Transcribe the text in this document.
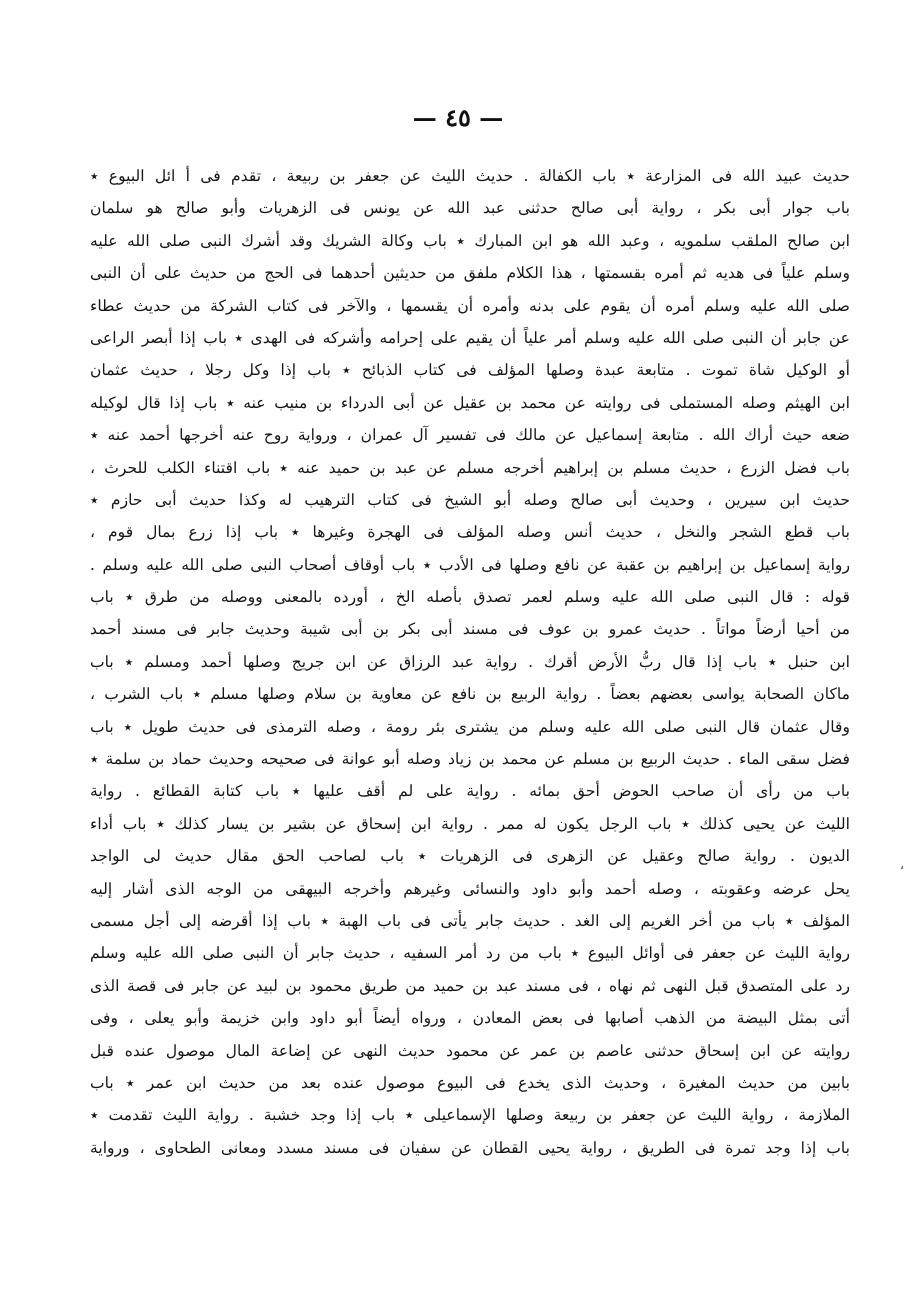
— ٤٥ —
،
حديث عبيد الله فى المزارعة ٭ باب الكفالة . حديث الليث عن جعفر بن ربيعة ، تقدم فى أ ائل البيوع ٭
باب جوار أبى بكر ، رواية أبى صالح حدثنى عبد الله عن يونس فى الزهريات وأبو صالح هو سلمان
ابن صالح الملقب سلمويه ، وعبد الله هو ابن المبارك ٭ باب وكالة الشريك وقد أشرك النبى صلى الله عليه
وسلم علياً فى هديه ثم أمره بقسمتها ، هذا الكلام ملفق من حديثين أحدهما فى الحج من حديث على أن النبى
صلى الله عليه وسلم أمره أن يقوم على بدنه وأمره أن يقسمها ، والآخر فى كتاب الشركة من حديث عطاء
عن جابر أن النبى صلى الله عليه وسلم أمر علياً أن يقيم على إحرامه وأشركه فى الهدى ٭ باب إذا أبصر الراعى
أو الوكيل شاة تموت . متابعة عبدة وصلها المؤلف فى كتاب الذبائح ٭ باب إذا وكل رجلا ، حديث عثمان
ابن الهيثم وصله المستملى فى روايته عن محمد بن عقيل عن أبى الدرداء بن منيب عنه ٭ باب إذا قال لوكيله
ضعه حيث أراك الله . متابعة إسماعيل عن مالك فى تفسير آل عمران ، ورواية روح عنه أخرجها أحمد عنه ٭
باب فضل الزرع ، حديث مسلم بن إبراهيم أخرجه مسلم عن عبد بن حميد عنه ٭ باب اقتناء الكلب للحرث ،
حديث ابن سيرين ، وحديث أبى صالح وصله أبو الشيخ فى كتاب الترهيب له وكذا حديث أبى حازم ٭
باب قطع الشجر والنخل ، حديث أنس وصله المؤلف فى الهجرة وغيرها ٭ باب إذا زرع بمال قوم ،
رواية إسماعيل بن إبراهيم بن عقبة عن نافع وصلها فى الأدب ٭ باب أوقاف أصحاب النبى صلى الله عليه وسلم .
قوله : قال النبى صلى الله عليه وسلم لعمر تصدق بأصله الخ ، أورده بالمعنى ووصله من طرق ٭ باب
من أحيا أرضاً مواتاً . حديث عمرو بن عوف فى مسند أبى بكر بن أبى شيبة وحديث جابر فى مسند أحمد
ابن حنبل ٭ باب إذا قال ربُّ الأرض أقرك . رواية عبد الرزاق عن ابن جريج وصلها أحمد ومسلم ٭ باب
ماكان الصحابة يواسى بعضهم بعضاً . رواية الربيع بن نافع عن معاوية بن سلام وصلها مسلم ٭ باب الشرب ،
وقال عثمان قال النبى صلى الله عليه وسلم من يشترى بئر رومة ، وصله الترمذى فى حديث طويل ٭ باب
فضل سقى الماء . حديث الربيع بن مسلم عن محمد بن زياد وصله أبو عوانة فى صحيحه وحديث حماد بن سلمة ٭
باب من رأى أن صاحب الحوض أحق بمائه . رواية على لم أقف عليها ٭ باب كتابة القطائع . رواية
الليث عن يحيى كذلك ٭ باب الرجل يكون له ممر . رواية ابن إسحاق عن بشير بن يسار كذلك ٭ باب أداء
الديون . رواية صالح وعقيل عن الزهرى فى الزهريات ٭ باب لصاحب الحق مقال حديث لى الواجد
يحل عرضه وعقوبته ، وصله أحمد وأبو داود والنسائى وغيرهم وأخرجه البيهقى من الوجه الذى أشار إليه
المؤلف ٭ باب من أخر الغريم إلى الغد . حديث جابر يأتى فى باب الهبة ٭ باب إذا أقرضه إلى أجل مسمى
رواية الليث عن جعفر فى أوائل البيوع ٭ باب من رد أمر السفيه ، حديث جابر أن النبى صلى الله عليه وسلم
رد على المتصدق قبل النهى ثم نهاه ، فى مسند عبد بن حميد من طريق محمود بن لبيد عن جابر فى قصة الذى
أتى بمثل البيضة من الذهب أصابها فى بعض المعادن ، ورواه أيضاً أبو داود وابن خزيمة وأبو يعلى ، وفى
روايته عن ابن إسحاق حدثنى عاصم بن عمر عن محمود حديث النهى عن إضاعة المال موصول عنده قبل
بابين من حديث المغيرة ، وحديث الذى يخدع فى البيوع موصول عنده بعد من حديث ابن عمر ٭ باب
الملازمة ، رواية الليث عن جعفر بن ربيعة وصلها الإسماعيلى ٭ باب إذا وجد خشبة . رواية الليث تقدمت ٭
باب إذا وجد تمرة فى الطريق ، رواية يحيى القطان عن سفيان فى مسند مسدد ومعانى الطحاوى ، ورواية
